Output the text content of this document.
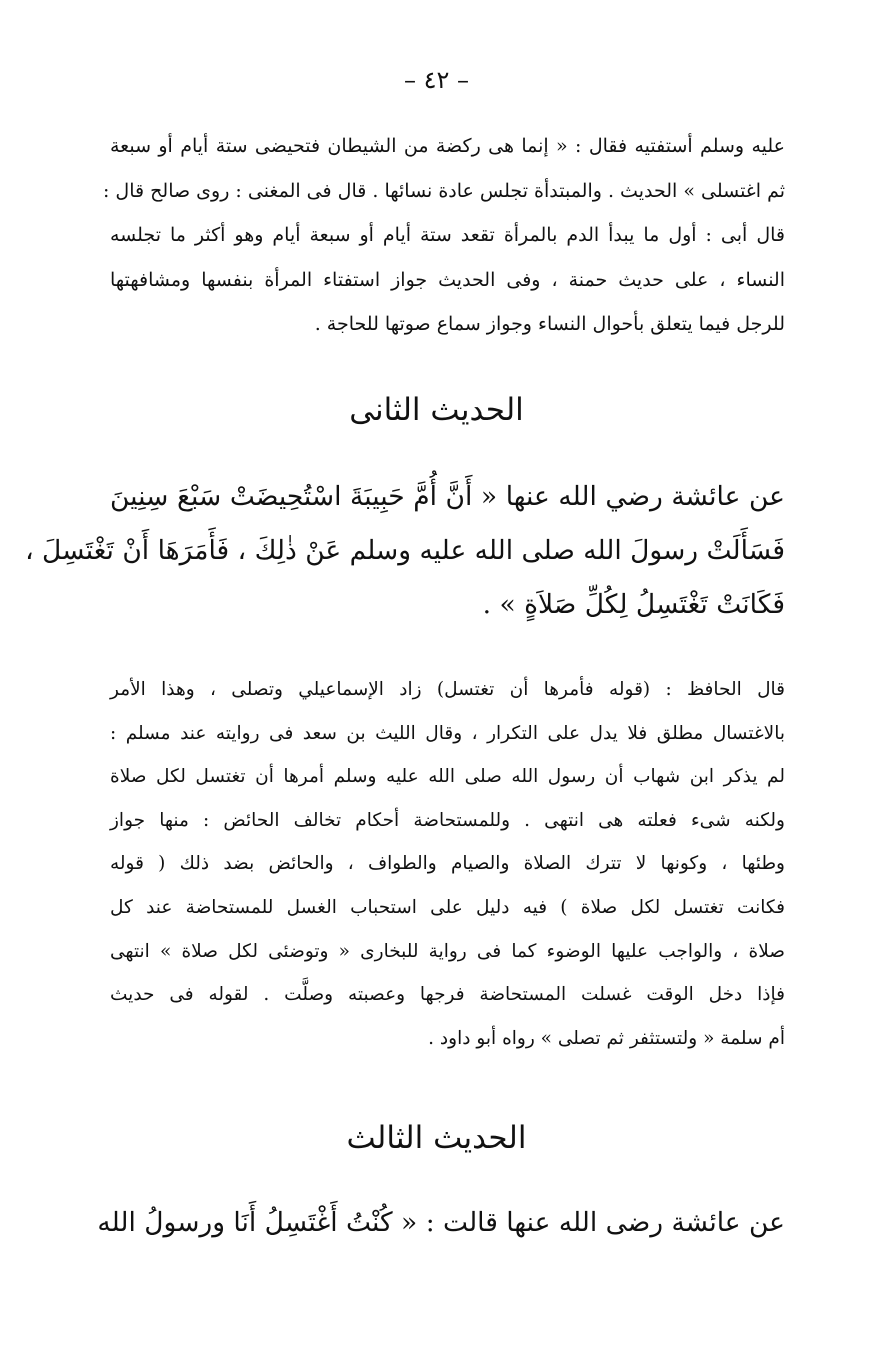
– ٤٢ –
عليه وسلم أستفتيه فقال : « إنما هى ركضة من الشيطان فتحيضى ستة أيام أو سبعة
ثم اغتسلى » الحديث . والمبتدأة تجلس عادة نسائها . قال فى المغنى : روى صالح قال :
قال أبى : أول ما يبدأ الدم بالمرأة تقعد ستة أيام أو سبعة أيام وهو أكثر ما تجلسه
النساء ، على حديث حمنة ، وفى الحديث جواز استفتاء المرأة بنفسها ومشافهتها
للرجل فيما يتعلق بأحوال النساء وجواز سماع صوتها للحاجة .
الحديث الثانى
عن عائشة رضي الله عنها « أَنَّ أُمَّ حَبِيبَةَ اسْتُحِيضَتْ سَبْعَ سِنِينَ
فَسَأَلَتْ رسولَ الله صلى الله عليه وسلم عَنْ ذٰلِكَ ، فَأَمَرَهَا أَنْ تَغْتَسِلَ ،
فَكَانَتْ تَغْتَسِلُ لِكُلِّ صَلاَةٍ » .
قال الحافظ : (قوله فأمرها أن تغتسل) زاد الإسماعيلي وتصلى ، وهذا الأمر
بالاغتسال مطلق فلا يدل على التكرار ، وقال الليث بن سعد فى روايته عند مسلم :
لم يذكر ابن شهاب أن رسول الله صلى الله عليه وسلم أمرها أن تغتسل لكل صلاة
ولكنه شىء فعلته هى انتهى . وللمستحاضة أحكام تخالف الحائض : منها جواز
وطئها ، وكونها لا تترك الصلاة والصيام والطواف ، والحائض بضد ذلك ( قوله
فكانت تغتسل لكل صلاة ) فيه دليل على استحباب الغسل للمستحاضة عند كل
صلاة ، والواجب عليها الوضوء كما فى رواية للبخارى « وتوضئى لكل صلاة » انتهى
فإذا دخل الوقت غسلت المستحاضة فرجها وعصبته وصلَّت . لقوله فى حديث
أم سلمة « ولتستثفر ثم تصلى » رواه أبو داود .
الحديث الثالث
عن عائشة رضى الله عنها قالت : « كُنْتُ أَغْتَسِلُ أَنَا ورسولُ الله
